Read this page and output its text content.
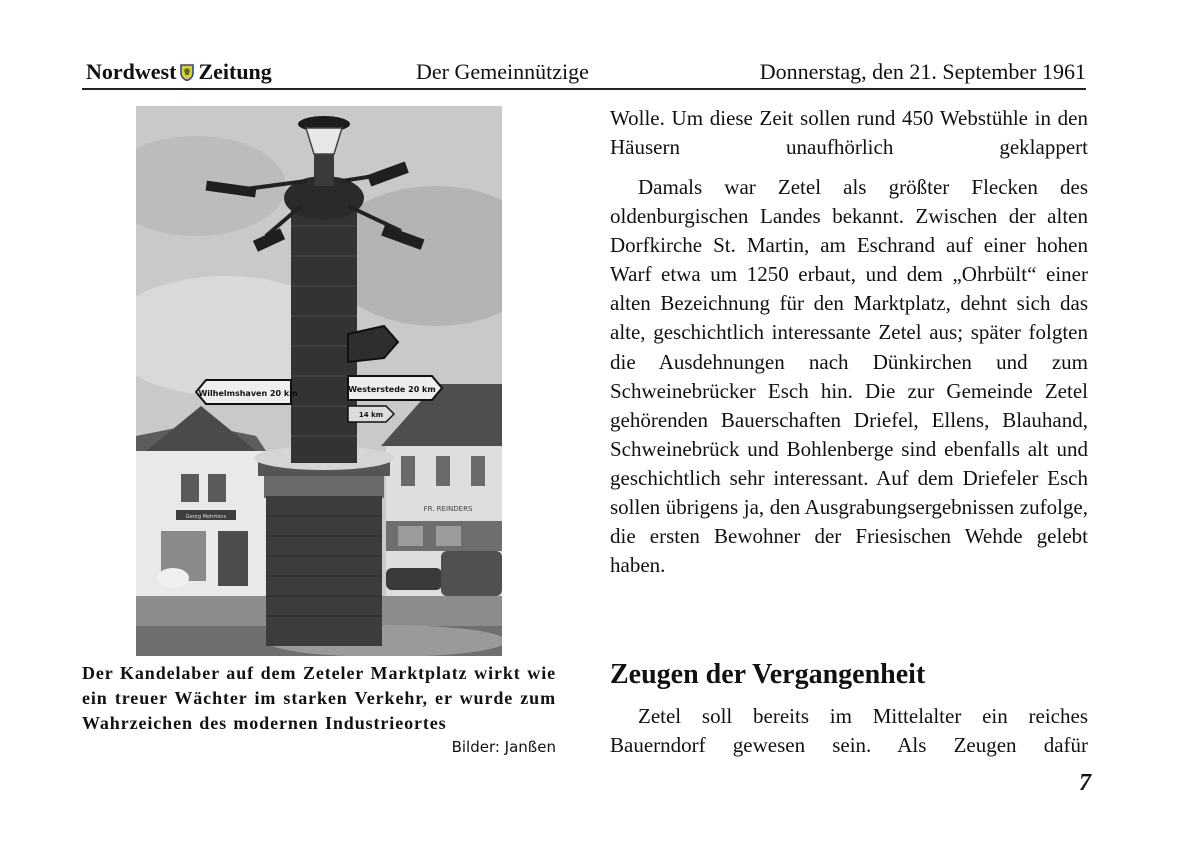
Nordwest Zeitung	Der Gemeinnützige	Donnerstag, den 21. September 1961
Georg Mehrtens
FR. REINDERS
Wilhelmshaven 20 km	Westerstede 20 km
14 km
Der Kandelaber auf dem Zeteler Marktplatz wirkt wie ein treuer Wächter im starken Verkehr, er wurde zum Wahrzeichen des modernen Industrieortes
Bilder: Janßen

Wolle. Um diese Zeit sollen rund 450 Webstühle in den Häusern unaufhörlich geklappert

Damals war Zetel als größter Flecken des oldenburgischen Landes bekannt. Zwischen der alten Dorfkirche St. Martin, am Eschrand auf einer hohen Warf etwa um 1250 erbaut, und dem „Ohrbült“ einer alten Bezeichnung für den Marktplatz, dehnt sich das alte, geschichtlich interessante Zetel aus; später folgten die Ausdehnungen nach Dünkirchen und zum Schweinebrücker Esch hin. Die zur Gemeinde Zetel gehörenden Bauerschaften Driefel, Ellens, Blauhand, Schweinebrück und Bohlenberge sind ebenfalls alt und geschichtlich sehr interessant. Auf dem Driefeler Esch sollen übrigens ja, den Ausgrabungsergebnissen zufolge, die ersten Bewohner der Friesischen Wehde gelebt haben.

Zeugen der Vergangenheit

Zetel soll bereits im Mittelalter ein reiches Bauerndorf gewesen sein. Als Zeugen dafür

7
